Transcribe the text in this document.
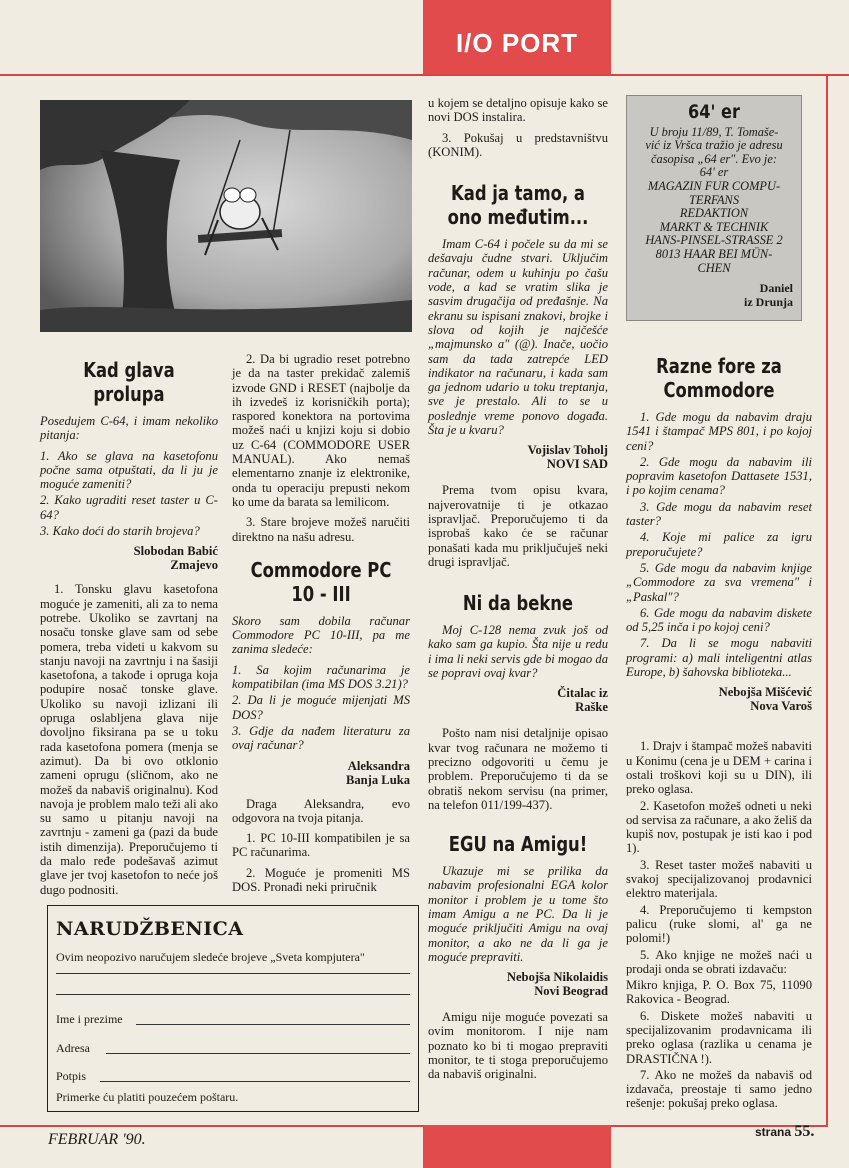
I/O PORT
Kad glava prolupa

Posedujem C-64, i imam nekoliko pitanja:

1. Ako se glava na kasetofonu počne sama otpuštati, da li ju je moguće zameniti?

2. Kako ugraditi reset taster u C-64?

3. Kako doći do starih brojeva?

Slobodan Babić
Zmajevo

1. Tonsku glavu kasetofona moguće je zameniti, ali za to nema potrebe. Ukoliko se zavrtanj na nosaču tonske glave sam od sebe pomera, treba videti u kakvom su stanju navoji na zavrtnju i na šasiji kasetofona, a takođe i opruga koja podupire nosač tonske glave. Ukoliko su navoji izlizani ili opruga oslabljena glava nije dovoljno fiksirana pa se u toku rada kasetofona pomera (menja se azimut). Da bi ovo otklonio zameni oprugu (sličnom, ako ne možeš da nabaviš originalnu). Kod navoja je problem malo teži ali ako su samo u pitanju navoji na zavrtnju - zameni ga (pazi da bude istih dimenzija). Preporučujemo ti da malo ređe podešavaš azimut glave jer tvoj kasetofon to neće još dugo podnositi.

2. Da bi ugradio reset potrebno je da na taster prekidač zalemiš izvode GND i RESET (najbolje da ih izvedeš iz korisničkih porta); raspored konektora na portovima možeš naći u knjizi koju si dobio uz C-64 (COMMODORE USER MANUAL). Ako nemaš elementarno znanje iz elektronike, onda tu operaciju prepusti nekom ko ume da barata sa lemilicom.

3. Stare brojeve možeš naručiti direktno na našu adresu.

Commodore PC 10 - III

Skoro sam dobila računar Commodore PC 10-III, pa me zanima sledeće:

1. Sa kojim računarima je kompatibilan (ima MS DOS 3.21)?

2. Da li je moguće mijenjati MS DOS?

3. Gdje da nađem literaturu za ovaj računar?

Aleksandra
Banja Luka

Draga Aleksandra, evo odgovora na tvoja pitanja.

1. PC 10-III kompatibilen je sa PC računarima.

2. Moguće je promeniti MS DOS. Pronađi neki priručnik

u kojem se detaljno opisuje kako se novi DOS instalira.

3. Pokušaj u predstavništvu (KONIM).

Kad ja tamo, a ono međutim...

Imam C-64 i počele su da mi se dešavaju čudne stvari. Uključim računar, odem u kuhinju po čašu vode, a kad se vratim slika je sasvim drugačija od pređašnje. Na ekranu su ispisani znakovi, brojke i slova od kojih je najčešće „majmunsko a" (@). Inače, uočio sam da tada zatrepće LED indikator na računaru, i kada sam ga jednom udario u toku treptanja, sve je prestalo. Ali to se u poslednje vreme ponovo događa. Šta je u kvaru?

Vojislav Toholj
NOVI SAD

Prema tvom opisu kvara, najverovatnije ti je otkazao ispravljač. Preporučujemo ti da isprobaš kako će se računar ponašati kada mu priključuješ neki drugi ispravljač.

Ni da bekne

Moj C-128 nema zvuk još od kako sam ga kupio. Šta nije u redu i ima li neki servis gde bi mogao da se popravi ovaj kvar?

Čitalac iz
Raške

Pošto nam nisi detaljnije opisao kvar tvog računara ne možemo ti precizno odgovoriti u čemu je problem. Preporučujemo ti da se obratiš nekom servisu (na primer, na telefon 011/199-437).

EGU na Amigu!

Ukazuje mi se prilika da nabavim profesionalni EGA kolor monitor i problem je u tome što imam Amigu a ne PC. Da li je moguće priključiti Amigu na ovaj monitor, a ako ne da li ga je moguće prepraviti.

Nebojša Nikolaidis
Novi Beograd

Amigu nije moguće povezati sa ovim monitorom. I nije nam poznato ko bi ti mogao prepraviti monitor, te ti stoga preporučujemo da nabaviš originalni.

64' er

U broju 11/89, T. Tomaše-

vić iz Vršca tražio je adresu

časopisa „64 er". Evo je:

64' er

MAGAZIN FUR COMPU-

TERFANS

REDAKTION

MARKT & TECHNIK

HANS-PINSEL-STRASSE 2

8013 HAAR BEI MÜN-

CHEN

Daniel
iz Drunja
Razne fore za Commodore

1. Gde mogu da nabavim draju 1541 i štampač MPS 801, i po kojoj ceni?

2. Gde mogu da nabavim ili popravim kasetofon Dattasete 1531, i po kojim cenama?

3. Gde mogu da nabavim reset taster?

4. Koje mi palice za igru preporučujete?

5. Gde mogu da nabavim knjige „Commodore za sva vremena" i „Paskal"?

6. Gde mogu da nabavim diskete od 5,25 inča i po kojoj ceni?

7. Da li se mogu nabaviti programi: a) mali inteligentni atlas Europe, b) šahovska biblioteka...

Nebojša Mišćević
Nova Varoš

1. Drajv i štampač možeš nabaviti u Konimu (cena je u DEM + carina i ostali troškovi koji su u DIN), ili preko oglasa.

2. Kasetofon možeš odneti u neki od servisa za računare, a ako želiš da kupiš nov, postupak je isti kao i pod 1).

3. Reset taster možeš nabaviti u svakoj specijalizovanoj prodavnici elektro materijala.

4. Preporučujemo ti kempston palicu (ruke slomi, al' ga ne polomi!)

5. Ako knjige ne možeš naći u prodaji onda se obrati izdavaču:

Mikro knjiga, P. O. Box 75, 11090 Rakovica - Beograd.

6. Diskete možeš nabaviti u specijalizovanim prodavnicama ili preko oglasa (razlika u cenama je DRASTIČNA !).

7. Ako ne možeš da nabaviš od izdavača, preostaje ti samo jedno rešenje: pokušaj preko oglasa.

NARUDŽBENICA
Ovim neopozivo naručujem sledeće brojeve „Sveta kompjutera"
Ime i prezime
Adresa
Potpis
Primerke ću platiti pouzećem poštaru.
FEBRUAR '90.	strana 55.
